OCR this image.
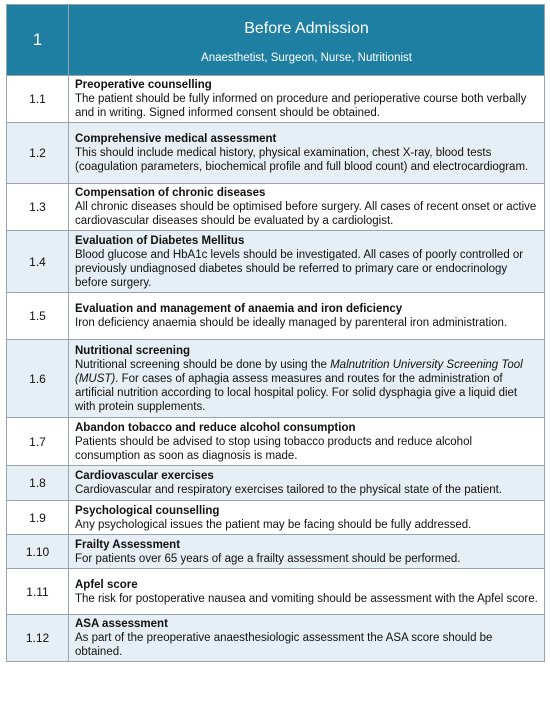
1	Before Admission
Anaesthetist, Surgeon, Nurse, Nutritionist

1.1	Preoperative counselling
The patient should be fully informed on procedure and perioperative course both verbally and in writing. Signed informed consent should be obtained.

1.2	Comprehensive medical assessment
This should include medical history, physical examination, chest X-ray, blood tests (coagulation parameters, biochemical profile and full blood count) and electrocardiogram.

1.3	Compensation of chronic diseases
All chronic diseases should be optimised before surgery. All cases of recent onset or active cardiovascular diseases should be evaluated by a cardiologist.

1.4	Evaluation of Diabetes Mellitus
Blood glucose and HbA1c levels should be investigated. All cases of poorly controlled or previously undiagnosed diabetes should be referred to primary care or endocrinology before surgery.

1.5	Evaluation and management of anaemia and iron deficiency
Iron deficiency anaemia should be ideally managed by parenteral iron administration.

1.6	Nutritional screening
Nutritional screening should be done by using the Malnutrition University Screening Tool (MUST). For cases of aphagia assess measures and routes for the administration of artificial nutrition according to local hospital policy. For solid dysphagia give a liquid diet with protein supplements.

1.7	Abandon tobacco and reduce alcohol consumption
Patients should be advised to stop using tobacco products and reduce alcohol consumption as soon as diagnosis is made.

1.8	Cardiovascular exercises
Cardiovascular and respiratory exercises tailored to the physical state of the patient.

1.9	Psychological counselling
Any psychological issues the patient may be facing should be fully addressed.

1.10	Frailty Assessment
For patients over 65 years of age a frailty assessment should be performed.

1.11	Apfel score
The risk for postoperative nausea and vomiting should be assessment with the Apfel score.

1.12	ASA assessment
As part of the preoperative anaesthesiologic assessment the ASA score should be obtained.
